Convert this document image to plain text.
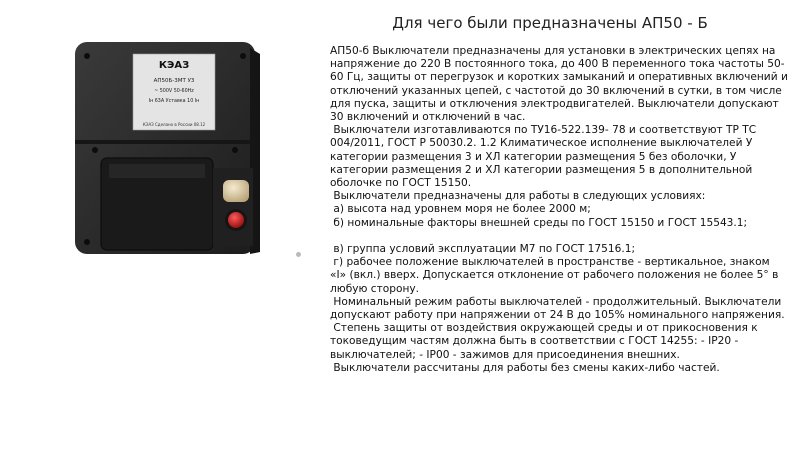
Для чего были предназначены АП50 - Б

АП50-б Выключатели предназначены для установки в электрических цепях на напряжение до 220 В постоянного тока, до 400 В переменного тока частоты 50- 60 Гц, защиты от перегрузок и коротких замыканий и оперативных включений и отключений указанных цепей, с частотой до 30 включений в сутки, в том числе для пуска, защиты и отключения электродвигателей. Выключатели допускают 30 включений и отключений в час.

Выключатели изготавливаются по ТУ16-522.139- 78 и соответствуют ТР ТС 004/2011, ГОСТ Р 50030.2. 1.2 Климатическое исполнение выключателей У категории размещения 3 и ХЛ категории размещения 5 без оболочки, У категории размещения 2 и ХЛ категории размещения 5 в дополнительной оболочке по ГОСТ 15150.

Выключатели предназначены для работы в следующих условиях:

а) высота над уровнем моря не более 2000 м;

б) номинальные факторы внешней среды по ГОСТ 15150 и ГОСТ 15543.1;

в) группа условий эксплуатации М7 по ГОСТ 17516.1;

г) рабочее положение выключателей в пространстве - вертикальное, знаком «I» (вкл.) вверх. Допускается отклонение от рабочего положения не более 5° в любую сторону.

Номинальный режим работы выключателей - продолжительный. Выключатели допускают работу при напряжении от 24 В до 105% номинального напряжения.

Степень защиты от воздействия окружающей среды и от прикосновения к токоведущим частям должна быть в соответствии с ГОСТ 14255: - IP20 - выключателей; - IP00 - зажимов для присоединения внешних.

Выключатели рассчитаны для работы без смены каких-либо частей.

КЭАЗ
АП50Б-3МТ У3
~ 500V 50-60Hz
Iн 63А Уставка 10 Iн
КЭАЗ Сделано в России 08.12
